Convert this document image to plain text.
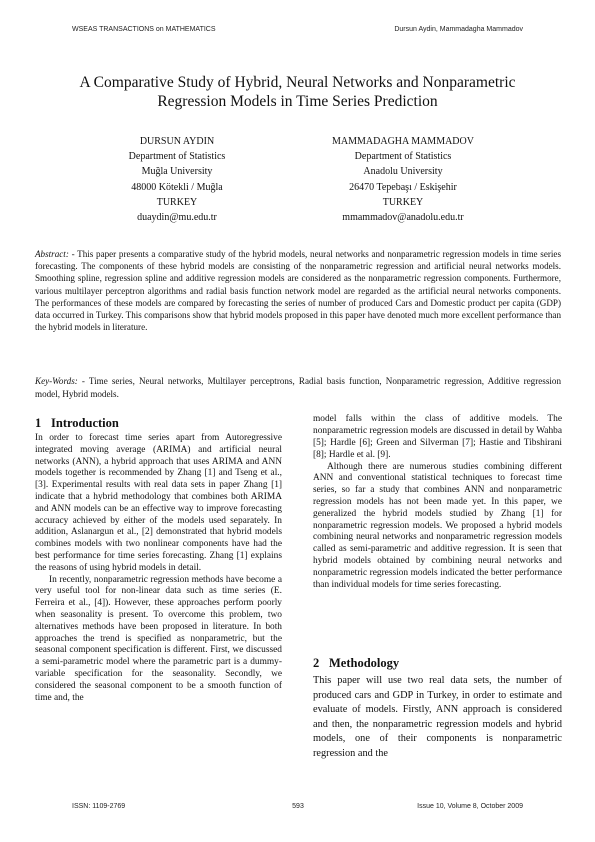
WSEAS TRANSACTIONS on MATHEMATICS	Dursun Aydin, Mammadagha Mammadov
A Comparative Study of Hybrid, Neural Networks and Nonparametric
Regression Models in Time Series Prediction
DURSUN AYDIN
Department of Statistics
Muğla University
48000 Kötekli / Muğla
TURKEY
duaydin@mu.edu.tr
MAMMADAGHA MAMMADOV
Department of Statistics
Anadolu University
26470 Tepebaşı / Eskişehir
TURKEY
mmammadov@anadolu.edu.tr
Abstract: - This paper presents a comparative study of the hybrid models, neural networks and nonparametric regression models in time series forecasting. The components of these hybrid models are consisting of the nonparametric regression and artificial neural networks models. Smoothing spline, regression spline and additive regression models are considered as the nonparametric regression components. Furthermore, various multilayer perceptron algorithms and radial basis function network model are regarded as the artificial neural networks components. The performances of these models are compared by forecasting the series of number of produced Cars and Domestic product per capita (GDP) data occurred in Turkey. This comparisons show that hybrid models proposed in this paper have denoted much more excellent performance than the hybrid models in literature.
Key-Words: - Time series, Neural networks, Multilayer perceptrons, Radial basis function, Nonparametric regression, Additive regression model, Hybrid models.
1 Introduction

In order to forecast time series apart from Autoregressive integrated moving average (ARIMA) and artificial neural networks (ANN), a hybrid approach that uses ARIMA and ANN models together is recommended by Zhang [1] and Tseng et al.,[3]. Experimental results with real data sets in paper Zhang [1] indicate that a hybrid methodology that combines both ARIMA and ANN models can be an effective way to improve forecasting accuracy achieved by either of the models used separately. In addition, Aslanargun et al., [2] demonstrated that hybrid models combines models with two nonlinear components have had the best performance for time series forecasting. Zhang [1] explains the reasons of using hybrid models in detail.

In recently, nonparametric regression methods have become a very useful tool for non-linear data such as time series (E. Ferreira et al., [4]). However, these approaches perform poorly when seasonality is present. To overcome this problem, two alternatives methods have been proposed in literature. In both approaches the trend is specified as nonparametric, but the seasonal component specification is different. First, we discussed a semi-parametric model where the parametric part is a dummy-variable specification for the seasonality. Secondly, we considered the seasonal component to be a smooth function of time and, the

model falls within the class of additive models. The nonparametric regression models are discussed in detail by Wahba [5]; Hardle [6]; Green and Silverman [7]; Hastie and Tibshirani [8]; Hardle et al. [9].

Although there are numerous studies combining different ANN and conventional statistical techniques to forecast time series, so far a study that combines ANN and nonparametric regression models has not been made yet. In this paper, we generalized the hybrid models studied by Zhang [1] for nonparametric regression models. We proposed a hybrid models combining neural networks and nonparametric regression models called as semi-parametric and additive regression. It is seen that hybrid models obtained by combining neural networks and nonparametric regression models indicated the better performance than individual models for time series forecasting.

2 Methodology

This paper will use two real data sets, the number of produced cars and GDP in Turkey, in order to estimate and evaluate of models. Firstly, ANN approach is considered and then, the nonparametric regression models and hybrid models, one of their components is nonparametric regression and the

ISSN: 1109-2769	593	Issue 10, Volume 8, October 2009
